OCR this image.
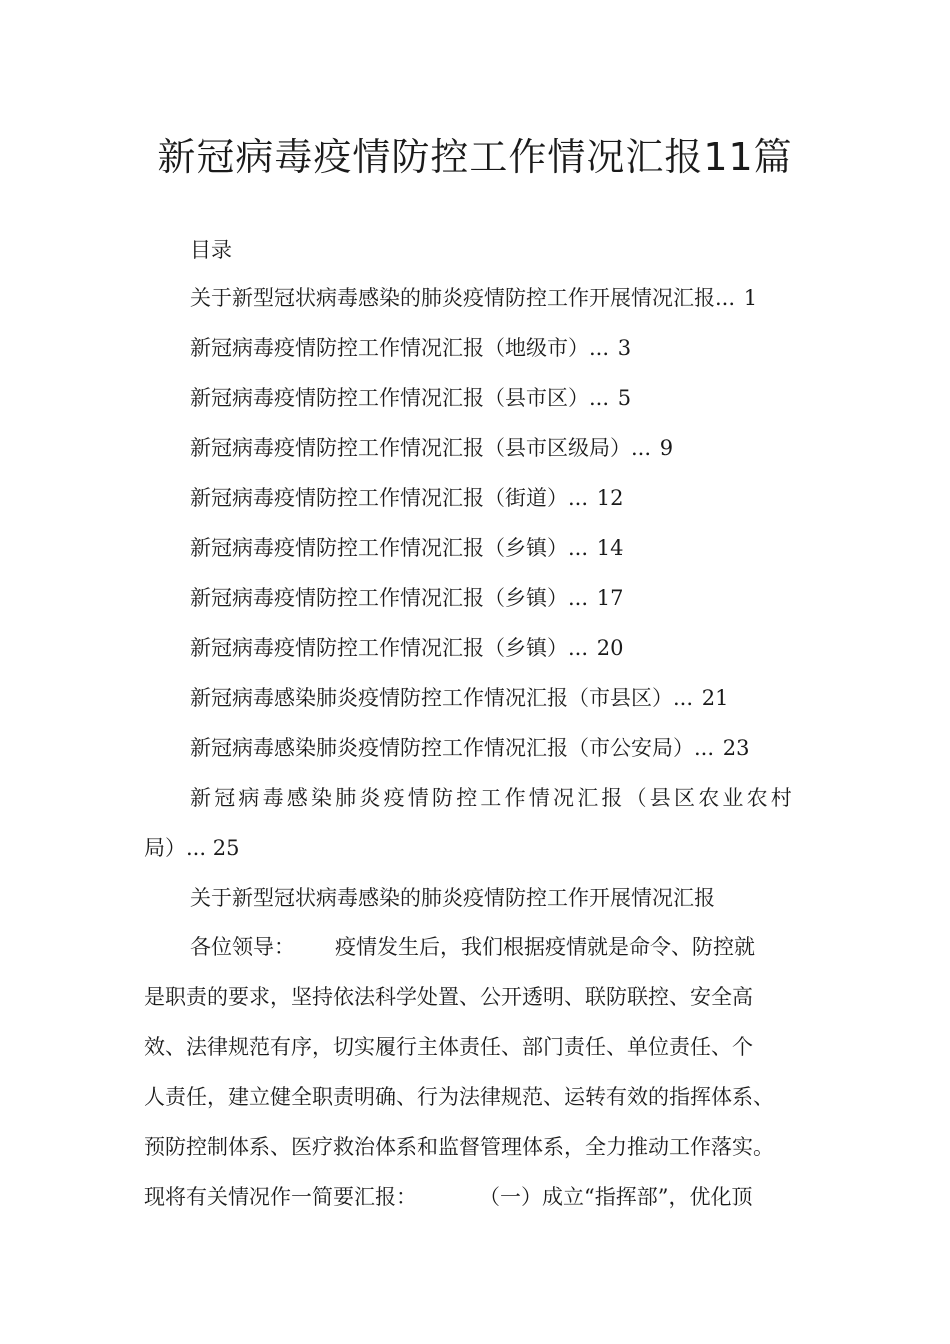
新冠病毒疫情防控工作情况汇报11篇
目录
关于新型冠状病毒感染的肺炎疫情防控工作开展情况汇报... 1
新冠病毒疫情防控工作情况汇报（地级市）... 3
新冠病毒疫情防控工作情况汇报（县市区）... 5
新冠病毒疫情防控工作情况汇报（县市区级局）... 9
新冠病毒疫情防控工作情况汇报（街道）... 12
新冠病毒疫情防控工作情况汇报（乡镇）... 14
新冠病毒疫情防控工作情况汇报（乡镇）... 17
新冠病毒疫情防控工作情况汇报（乡镇）... 20
新冠病毒感染肺炎疫情防控工作情况汇报（市县区）... 21
新冠病毒感染肺炎疫情防控工作情况汇报（市公安局）... 23
新冠病毒感染肺炎疫情防控工作情况汇报（县区农业农村
局）... 25
关于新型冠状病毒感染的肺炎疫情防控工作开展情况汇报
各位领导： 疫情发生后，我们根据疫情就是命令、防控就
是职责的要求，坚持依法科学处置、公开透明、联防联控、安全高
效、法律规范有序，切实履行主体责任、部门责任、单位责任、个
人责任，建立健全职责明确、行为法律规范、运转有效的指挥体系、
预防控制体系、医疗救治体系和监督管理体系，全力推动工作落实。
现将有关情况作一简要汇报：	（一）成立“指挥部”，优化顶
